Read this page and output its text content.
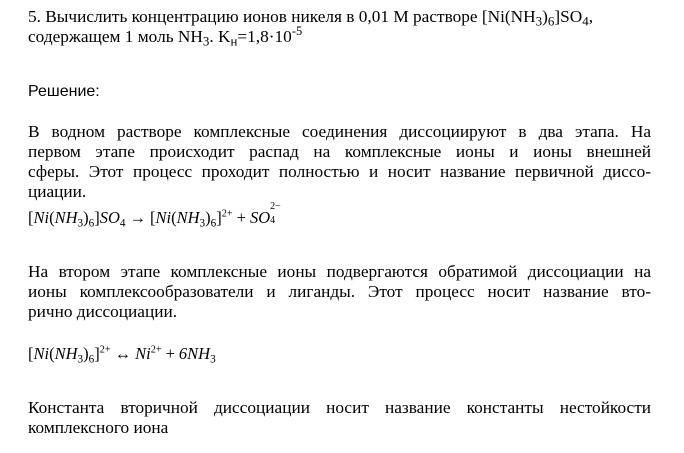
5. Вычислить концентрацию ионов никеля в 0,01 М растворе $[Ni(NH_3)_6]SO_4$,
содержащем 1 моль $NH_3$. $K_н=1,8\cdot 10^{-5}$
Решение:
В водном растворе комплексные соединения диссоциируют в два этапа. На
первом этапе происходит распад на комплексные ионы и ионы внешней
сферы. Этот процесс проходит полностью и носит название первичной диссо-
циации.
$[Ni(NH_3)_6]SO_4 \to [Ni(NH_3)_6]^{2+}$ + SO
2−
4
На втором этапе комплексные ионы подвергаются обратимой диссоциации на
ионы комплексообразователи и лиганды. Этот процесс носит название вто-
рично диссоциации.
$[Ni(NH_3)_6]^{2+}$ ↔ $Ni^{2+} + 6NH_3$
Константа вторичной диссоциации носит название константы нестойкости
комплексного иона
